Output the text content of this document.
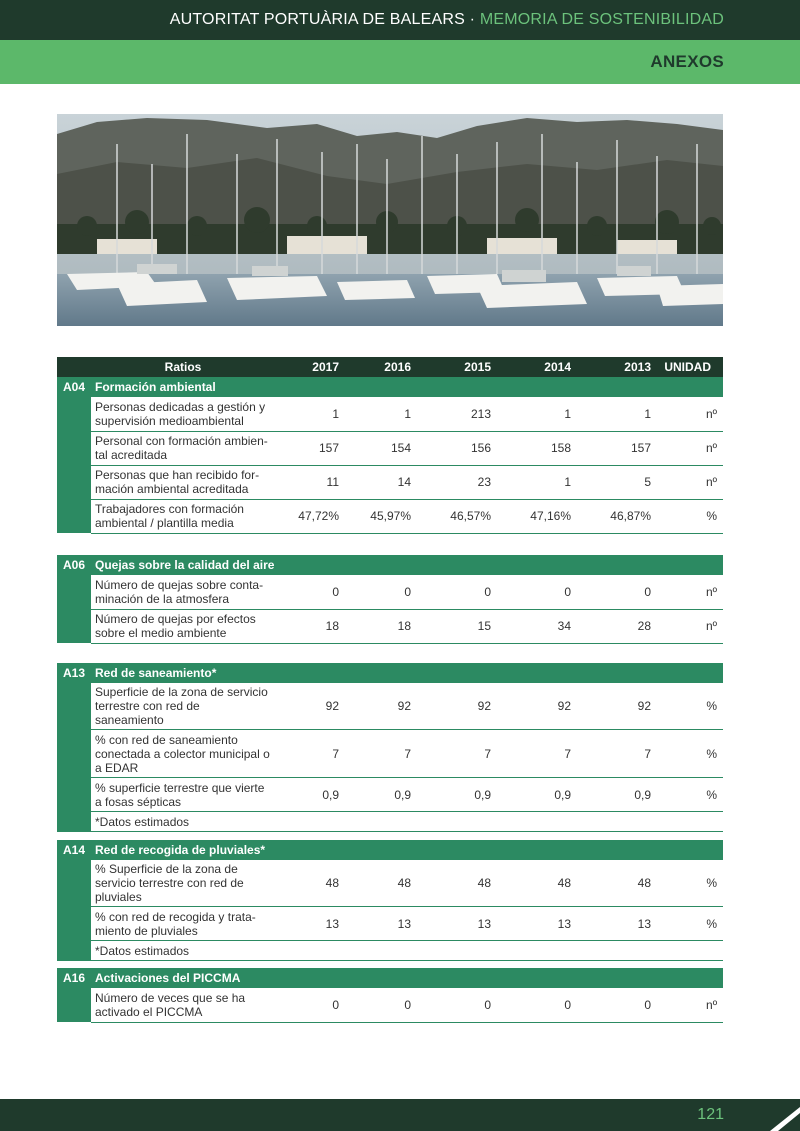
AUTORITAT PORTUÀRIA DE BALEARS · MEMORIA DE SOSTENIBILIDAD
ANEXOS
	Ratios	2017	2016	2015	2014	2013	UNIDAD
A04	Formación ambiental						
	Personas dedicadas a gestión y supervisión medioambiental	1	1	213	1	1	nº
	Personal con formación ambien-tal acreditada	157	154	156	158	157	nº
	Personas que han recibido for-mación ambiental acreditada	11	14	23	1	5	nº
	Trabajadores con formación ambiental / plantilla media	47,72%	45,97%	46,57%	47,16%	46,87%	%
A06	Quejas sobre la calidad del aire						
	Número de quejas sobre conta-minación de la atmosfera	0	0	0	0	0	nº
	Número de quejas por efectos sobre el medio ambiente	18	18	15	34	28	nº
A13	Red de saneamiento*						
	Superficie de la zona de servicio terrestre con red de saneamiento	92	92	92	92	92	%
	% con red de saneamiento conectada a colector municipal o a EDAR	7	7	7	7	7	%
	% superficie terrestre que vierte a fosas sépticas	0,9	0,9	0,9	0,9	0,9	%
	*Datos estimados						
A14	Red de recogida de pluviales*						
	% Superficie de la zona de servicio terrestre con red de pluviales	48	48	48	48	48	%
	% con red de recogida y trata-miento de pluviales	13	13	13	13	13	%
	*Datos estimados						
A16	Activaciones del PICCMA						
	Número de veces que se ha activado el PICCMA	0	0	0	0	0	nº
121
